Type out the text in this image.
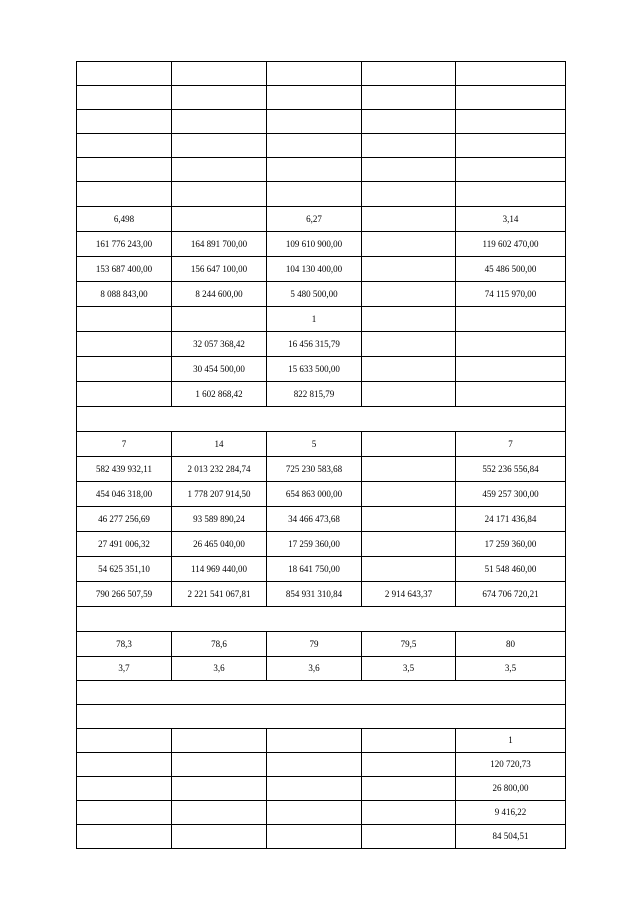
6,498		6,27		3,14
161 776 243,00	164 891 700,00	109 610 900,00		119 602 470,00
153 687 400,00	156 647 100,00	104 130 400,00		45 486 500,00
8 088 843,00	8 244 600,00	5 480 500,00		74 115 970,00
		1		
	32 057 368,42	16 456 315,79		
	30 454 500,00	15 633 500,00		
	1 602 868,42	822 815,79		

7	14	5		7
582 439 932,11	2 013 232 284,74	725 230 583,68		552 236 556,84
454 046 318,00	1 778 207 914,50	654 863 000,00		459 257 300,00
46 277 256,69	93 589 890,24	34 466 473,68		24 171 436,84
27 491 006,32	26 465 040,00	17 259 360,00		17 259 360,00
54 625 351,10	114 969 440,00	18 641 750,00		51 548 460,00
790 266 507,59	2 221 541 067,81	854 931 310,84	2 914 643,37	674 706 720,21

78,3	78,6	79	79,5	80
3,7	3,6	3,6	3,5	3,5

				1
				120 720,73
				26 800,00
				9 416,22
				84 504,51
